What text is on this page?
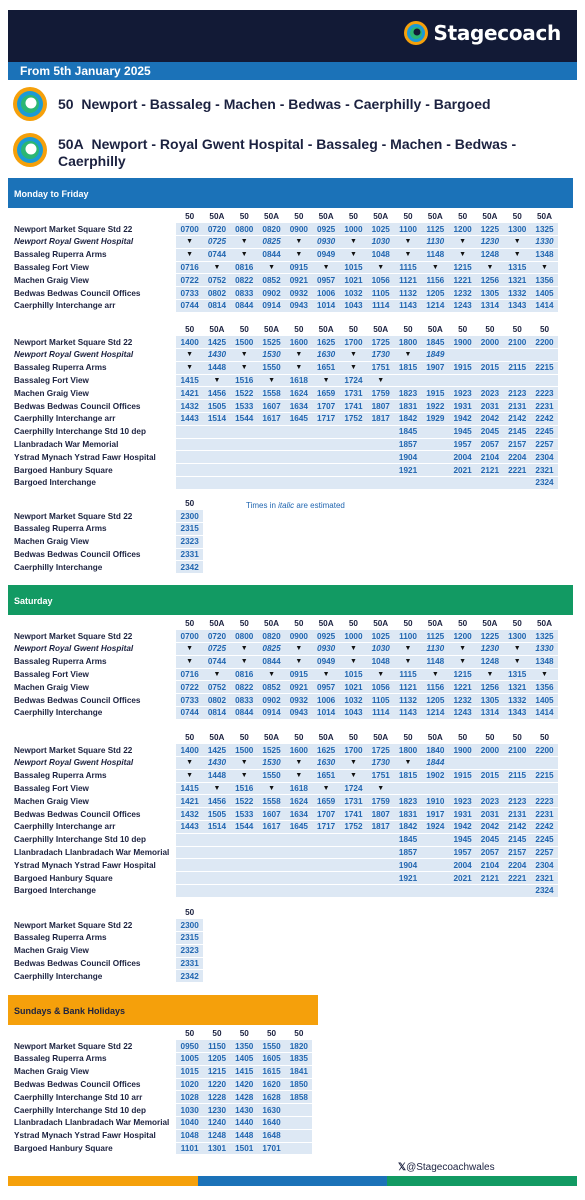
Stagecoach
From 5th January 2025
50 Newport - Bassaleg - Machen - Bedwas - Caerphilly - Bargoed
50A Newport - Royal Gwent Hospital - Bassaleg - Machen - Bedwas - Caerphilly
Monday to Friday
	50	50A	50	50A	50	50A	50	50A	50	50A	50	50A	50	50A
Newport Market Square Std 22	0700	0720	0800	0820	0900	0925	1000	1025	1100	1125	1200	1225	1300	1325
Newport Royal Gwent Hospital	▼	0725	▼	0825	▼	0930	▼	1030	▼	1130	▼	1230	▼	1330
Bassaleg Ruperra Arms	▼	0744	▼	0844	▼	0949	▼	1048	▼	1148	▼	1248	▼	1348
Bassaleg Fort View	0716	▼	0816	▼	0915	▼	1015	▼	1115	▼	1215	▼	1315	▼
Machen Graig View	0722	0752	0822	0852	0921	0957	1021	1056	1121	1156	1221	1256	1321	1356
Bedwas Bedwas Council Offices	0733	0802	0833	0902	0932	1006	1032	1105	1132	1205	1232	1305	1332	1405
Caerphilly Interchange arr	0744	0814	0844	0914	0943	1014	1043	1114	1143	1214	1243	1314	1343	1414
	50	50A	50	50A	50	50A	50	50A	50	50A	50	50	50	50
Newport Market Square Std 22	1400	1425	1500	1525	1600	1625	1700	1725	1800	1845	1900	2000	2100	2200
Newport Royal Gwent Hospital	▼	1430	▼	1530	▼	1630	▼	1730	▼	1849				
Bassaleg Ruperra Arms	▼	1448	▼	1550	▼	1651	▼	1751	1815	1907	1915	2015	2115	2215
Bassaleg Fort View	1415	▼	1516	▼	1618	▼	1724	▼						
Machen Graig View	1421	1456	1522	1558	1624	1659	1731	1759	1823	1915	1923	2023	2123	2223
Bedwas Bedwas Council Offices	1432	1505	1533	1607	1634	1707	1741	1807	1831	1922	1931	2031	2131	2231
Caerphilly Interchange arr	1443	1514	1544	1617	1645	1717	1752	1817	1842	1929	1942	2042	2142	2242
Caerphilly Interchange Std 10 dep									1845		1945	2045	2145	2245
Llanbradach War Memorial									1857		1957	2057	2157	2257
Ystrad Mynach Ystrad Fawr Hospital									1904		2004	2104	2204	2304
Bargoed Hanbury Square									1921		2021	2121	2221	2321
Bargoed Interchange														2324
	50
Newport Market Square Std 22	2300
Bassaleg Ruperra Arms	2315
Machen Graig View	2323
Bedwas Bedwas Council Offices	2331
Caerphilly Interchange	2342
Times in italic are estimated
Saturday
	50	50A	50	50A	50	50A	50	50A	50	50A	50	50A	50	50A
Newport Market Square Std 22	0700	0720	0800	0820	0900	0925	1000	1025	1100	1125	1200	1225	1300	1325
Newport Royal Gwent Hospital	▼	0725	▼	0825	▼	0930	▼	1030	▼	1130	▼	1230	▼	1330
Bassaleg Ruperra Arms	▼	0744	▼	0844	▼	0949	▼	1048	▼	1148	▼	1248	▼	1348
Bassaleg Fort View	0716	▼	0816	▼	0915	▼	1015	▼	1115	▼	1215	▼	1315	▼
Machen Graig View	0722	0752	0822	0852	0921	0957	1021	1056	1121	1156	1221	1256	1321	1356
Bedwas Bedwas Council Offices	0733	0802	0833	0902	0932	1006	1032	1105	1132	1205	1232	1305	1332	1405
Caerphilly Interchange	0744	0814	0844	0914	0943	1014	1043	1114	1143	1214	1243	1314	1343	1414
	50	50A	50	50A	50	50A	50	50A	50	50A	50	50	50	50
Newport Market Square Std 22	1400	1425	1500	1525	1600	1625	1700	1725	1800	1840	1900	2000	2100	2200
Newport Royal Gwent Hospital	▼	1430	▼	1530	▼	1630	▼	1730	▼	1844				
Bassaleg Ruperra Arms	▼	1448	▼	1550	▼	1651	▼	1751	1815	1902	1915	2015	2115	2215
Bassaleg Fort View	1415	▼	1516	▼	1618	▼	1724	▼						
Machen Graig View	1421	1456	1522	1558	1624	1659	1731	1759	1823	1910	1923	2023	2123	2223
Bedwas Bedwas Council Offices	1432	1505	1533	1607	1634	1707	1741	1807	1831	1917	1931	2031	2131	2231
Caerphilly Interchange arr	1443	1514	1544	1617	1645	1717	1752	1817	1842	1924	1942	2042	2142	2242
Caerphilly Interchange Std 10 dep									1845		1945	2045	2145	2245
Llanbradach Llanbradach War Memorial									1857		1957	2057	2157	2257
Ystrad Mynach Ystrad Fawr Hospital									1904		2004	2104	2204	2304
Bargoed Hanbury Square									1921		2021	2121	2221	2321
Bargoed Interchange														2324
	50
Newport Market Square Std 22	2300
Bassaleg Ruperra Arms	2315
Machen Graig View	2323
Bedwas Bedwas Council Offices	2331
Caerphilly Interchange	2342
Sundays & Bank Holidays
	50	50	50	50	50
Newport Market Square Std 22	0950	1150	1350	1550	1820
Bassaleg Ruperra Arms	1005	1205	1405	1605	1835
Machen Graig View	1015	1215	1415	1615	1841
Bedwas Bedwas Council Offices	1020	1220	1420	1620	1850
Caerphilly Interchange Std 10 arr	1028	1228	1428	1628	1858
Caerphilly Interchange Std 10 dep	1030	1230	1430	1630	
Llanbradach Llanbradach War Memorial	1040	1240	1440	1640	
Ystrad Mynach Ystrad Fawr Hospital	1048	1248	1448	1648	
Bargoed Hanbury Square	1101	1301	1501	1701	
𝕏@Stagecoachwales
